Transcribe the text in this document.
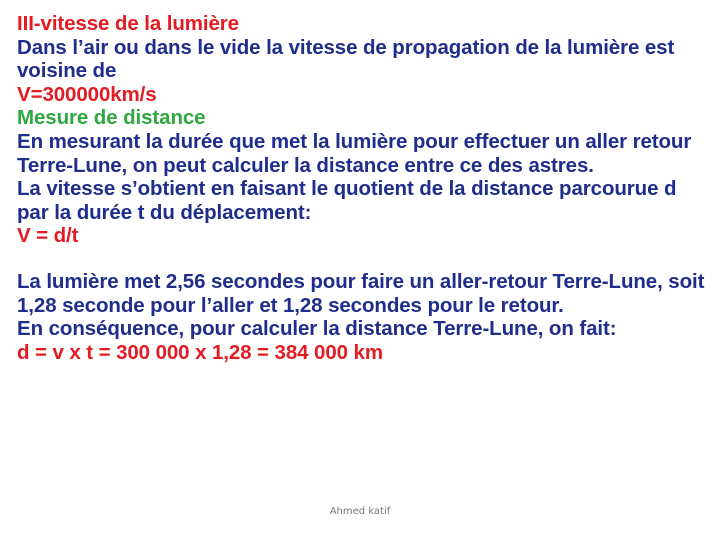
III-vitesse de la lumière

Dans l’air ou dans le vide la vitesse de propagation de la lumière est voisine de

V=300000km/s

Mesure de distance

En mesurant la durée que met la lumière pour effectuer un aller retour Terre-Lune, on peut calculer la distance entre ce des astres.

La vitesse s’obtient en faisant le quotient de la distance parcourue d par la durée t du déplacement:

V = d/t

La lumière met 2,56 secondes pour faire un aller-retour Terre-Lune, soit 1,28 seconde pour l’aller et 1,28 secondes pour le retour.

En conséquence, pour calculer la distance Terre-Lune, on fait:

d = v x t = 300 000 x 1,28 = 384 000 km

Ahmed katif
